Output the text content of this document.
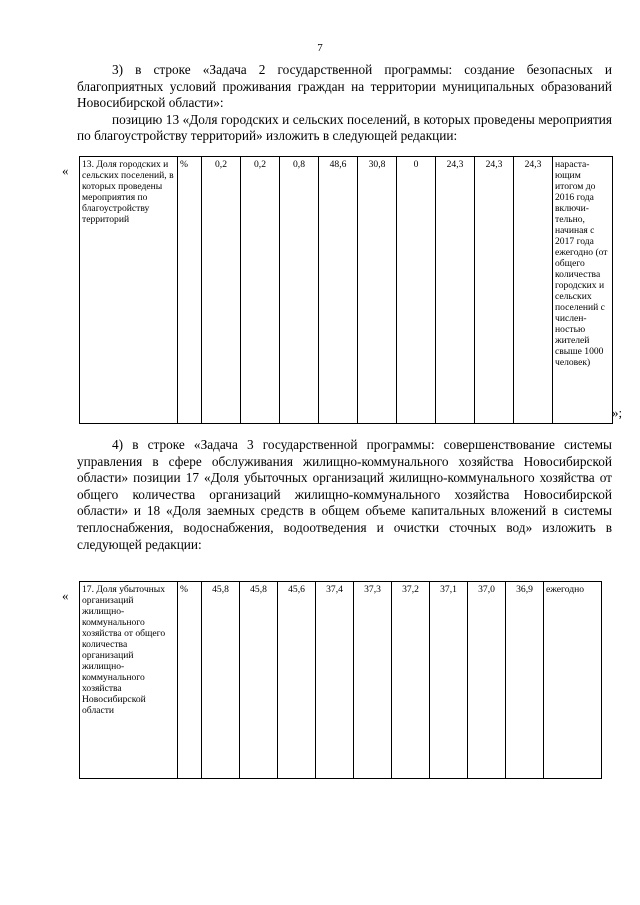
7
3) в строке «Задача 2 государственной программы: создание безопасных и благоприятных условий проживания граждан на территории муниципальных образований Новосибирской области»:
позицию 13 «Доля городских и сельских поселений, в которых проведены мероприятия по благоустройству территорий» изложить в следующей редакции:
« 13. Доля городских и сельских поселений, в которых проведены мероприятия по благоустройству территорий	%	0,2	0,2	0,8	48,6	30,8	0	24,3	24,3	24,3	нараста-ющим итогом до 2016 года включи-тельно, начиная с 2017 года ежегодно (от общего количества городских и сельских поселений с числен-ностью жителей свыше 1000 человек)
»;
4) в строке «Задача 3 государственной программы: совершенствование системы управления в сфере обслуживания жилищно-коммунального хозяйства Новосибирской области» позиции 17 «Доля убыточных организаций жилищно-коммунального хозяйства от общего количества организаций жилищно-коммунального хозяйства Новосибирской области» и 18 «Доля заемных средств в общем объеме капитальных вложений в системы теплоснабжения, водоснабжения, водоотведения и очистки сточных вод» изложить в следующей редакции:
« 17. Доля убыточных организаций жилищно-коммунального хозяйства от общего количества организаций жилищно-коммунального хозяйства Новосибирской области	%	45,8	45,8	45,6	37,4	37,3	37,2	37,1	37,0	36,9	ежегодно
